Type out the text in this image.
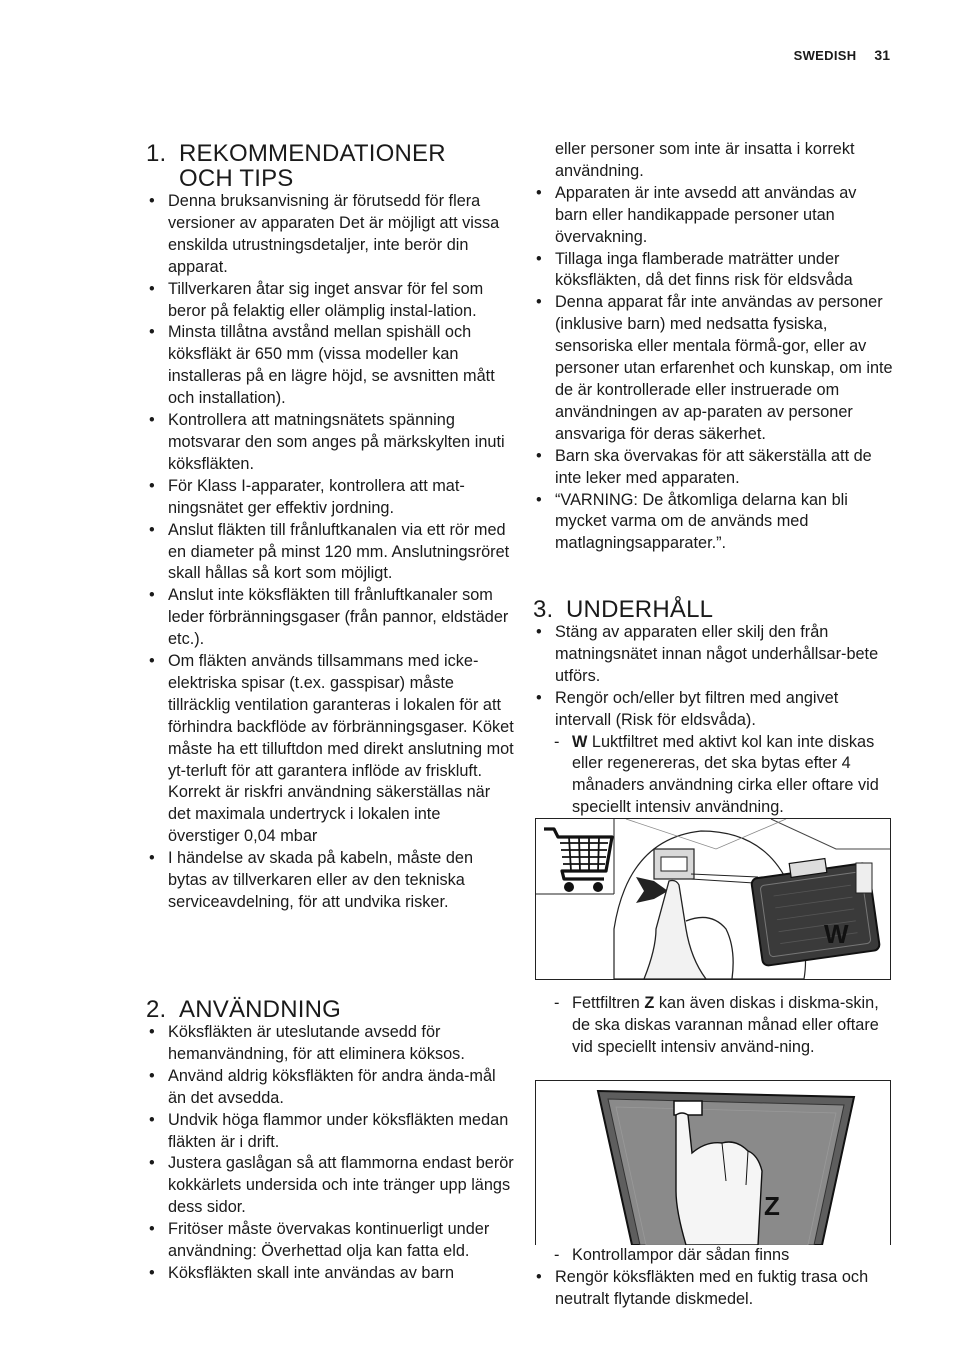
SWEDISH 31
1. REKOMMENDATIONER
OCH TIPS
• Denna bruksanvisning är förutsedd för flera versioner av apparaten Det är möjligt att vissa enskilda utrustningsdetaljer, inte berör din apparat.
• Tillverkaren åtar sig inget ansvar för fel som beror på felaktig eller olämplig instal-lation.
• Minsta tillåtna avstånd mellan spishäll och köksfläkt är 650 mm (vissa modeller kan installeras på en lägre höjd, se avsnitten mått och installation).
• Kontrollera att matningsnätets spänning motsvarar den som anges på märkskylten inuti köksfläkten.
• För Klass I-apparater, kontrollera att mat-ningsnätet ger effektiv jordning.
• Anslut fläkten till frånluftkanalen via ett rör med en diameter på minst 120 mm. Anslutningsröret skall hållas så kort som möjligt.
• Anslut inte köksfläkten till frånluftkanaler som leder förbränningsgaser (från pannor, eldstäder etc.).
• Om fläkten används tillsammans med icke-elektriska spisar (t.ex. gasspisar) måste tillräcklig ventilation garanteras i lokalen för att förhindra backflöde av förbränningsgaser. Köket måste ha ett tilluftdon med direkt anslutning mot yt-terluft för att garantera inflöde av friskluft. Korrekt är riskfri användning säkerställas när det maximala undertryck i lokalen inte överstiger 0,04 mbar
• I händelse av skada på kabeln, måste den bytas av tillverkaren eller av den tekniska serviceavdelning, för att undvika risker.
2. ANVÄNDNING
• Köksfläkten är uteslutande avsedd för hemanvändning, för att eliminera köksos.
• Använd aldrig köksfläkten för andra ända-mål än det avsedda.
• Undvik höga flammor under köksfläkten medan fläkten är i drift.
• Justera gaslågan så att flammorna endast berör kokkärlets undersida och inte tränger upp längs dess sidor.
• Fritöser måste övervakas kontinuerligt under användning: Överhettad olja kan fatta eld.
• Köksfläkten skall inte användas av barn
eller personer som inte är insatta i korrekt användning.
• Apparaten är inte avsedd att användas av barn eller handikappade personer utan övervakning.
• Tillaga inga flamberade maträtter under köksfläkten, då det finns risk för eldsvåda
• Denna apparat får inte användas av personer (inklusive barn) med nedsatta fysiska, sensoriska eller mentala förmå-gor, eller av personer utan erfarenhet och kunskap, om inte de är kontrollerade eller instruerade om användningen av ap-paraten av personer ansvariga för deras säkerhet.
• Barn ska övervakas för att säkerställa att de inte leker med apparaten.
• “VARNING: De åtkomliga delarna kan bli mycket varma om de används med matlagningsapparater.”.
3. UNDERHÅLL
• Stäng av apparaten eller skilj den från matningsnätet innan något underhållsar-bete utförs.
• Rengör och/eller byt filtren med angivet intervall (Risk för eldsvåda).
- W Luktfiltret med aktivt kol kan inte diskas eller regenereras, det ska bytas efter 4 månaders användning cirka eller oftare vid speciellt intensiv användning.
- Fettfiltren Z kan även diskas i diskma-skin, de ska diskas varannan månad eller oftare vid speciellt intensiv använd-ning.
- Kontrollampor där sådan finns
• Rengör köksfläkten med en fuktig trasa och neutralt flytande diskmedel.
W
Z
